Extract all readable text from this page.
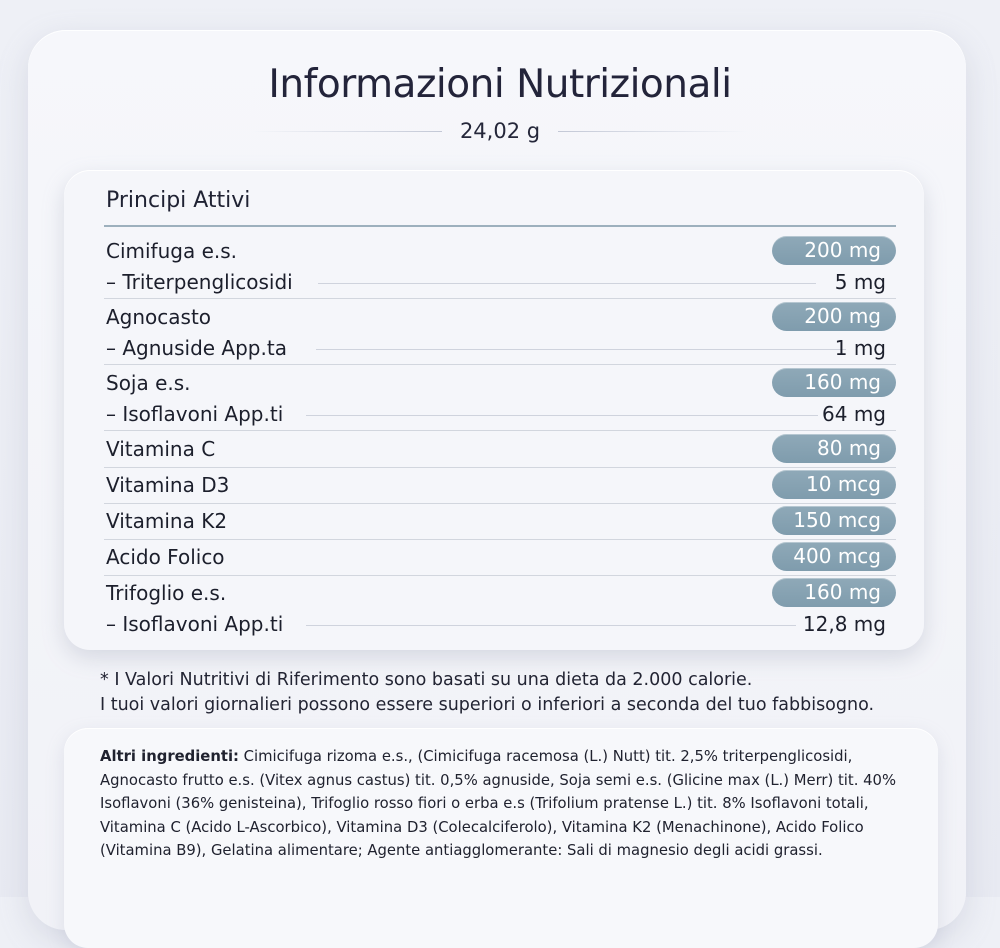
Informazioni Nutrizionali
24,02 g
Principi Attivi
Cimifuga e.s.	200 mg
– Triterpenglicosidi	5 mg
Agnocasto	200 mg
– Agnuside App.ta	1 mg
Soja e.s.	160 mg
– Isoflavoni App.ti	64 mg
Vitamina C	80 mg
Vitamina D3	10 mcg
Vitamina K2	150 mcg
Acido Folico	400 mcg
Trifoglio e.s.	160 mg
– Isoflavoni App.ti	12,8 mg
* I Valori Nutritivi di Riferimento sono basati su una dieta da 2.000 calorie.
I tuoi valori giornalieri possono essere superiori o inferiori a seconda del tuo fabbisogno.
Altri ingredienti: Cimicifuga rizoma e.s., (Cimicifuga racemosa (L.) Nutt) tit. 2,5% triterpenglicosidi, Agnocasto frutto e.s. (Vitex agnus castus) tit. 0,5% agnuside, Soja semi e.s. (Glicine max (L.) Merr) tit. 40% Isoflavoni (36% genisteina), Trifoglio rosso fiori o erba e.s (Trifolium pratense L.) tit. 8% Isoflavoni totali, Vitamina C (Acido L-Ascorbico), Vitamina D3 (Colecalciferolo), Vitamina K2 (Menachinone), Acido Folico (Vitamina B9), Gelatina alimentare; Agente antiagglomerante: Sali di magnesio degli acidi grassi.
